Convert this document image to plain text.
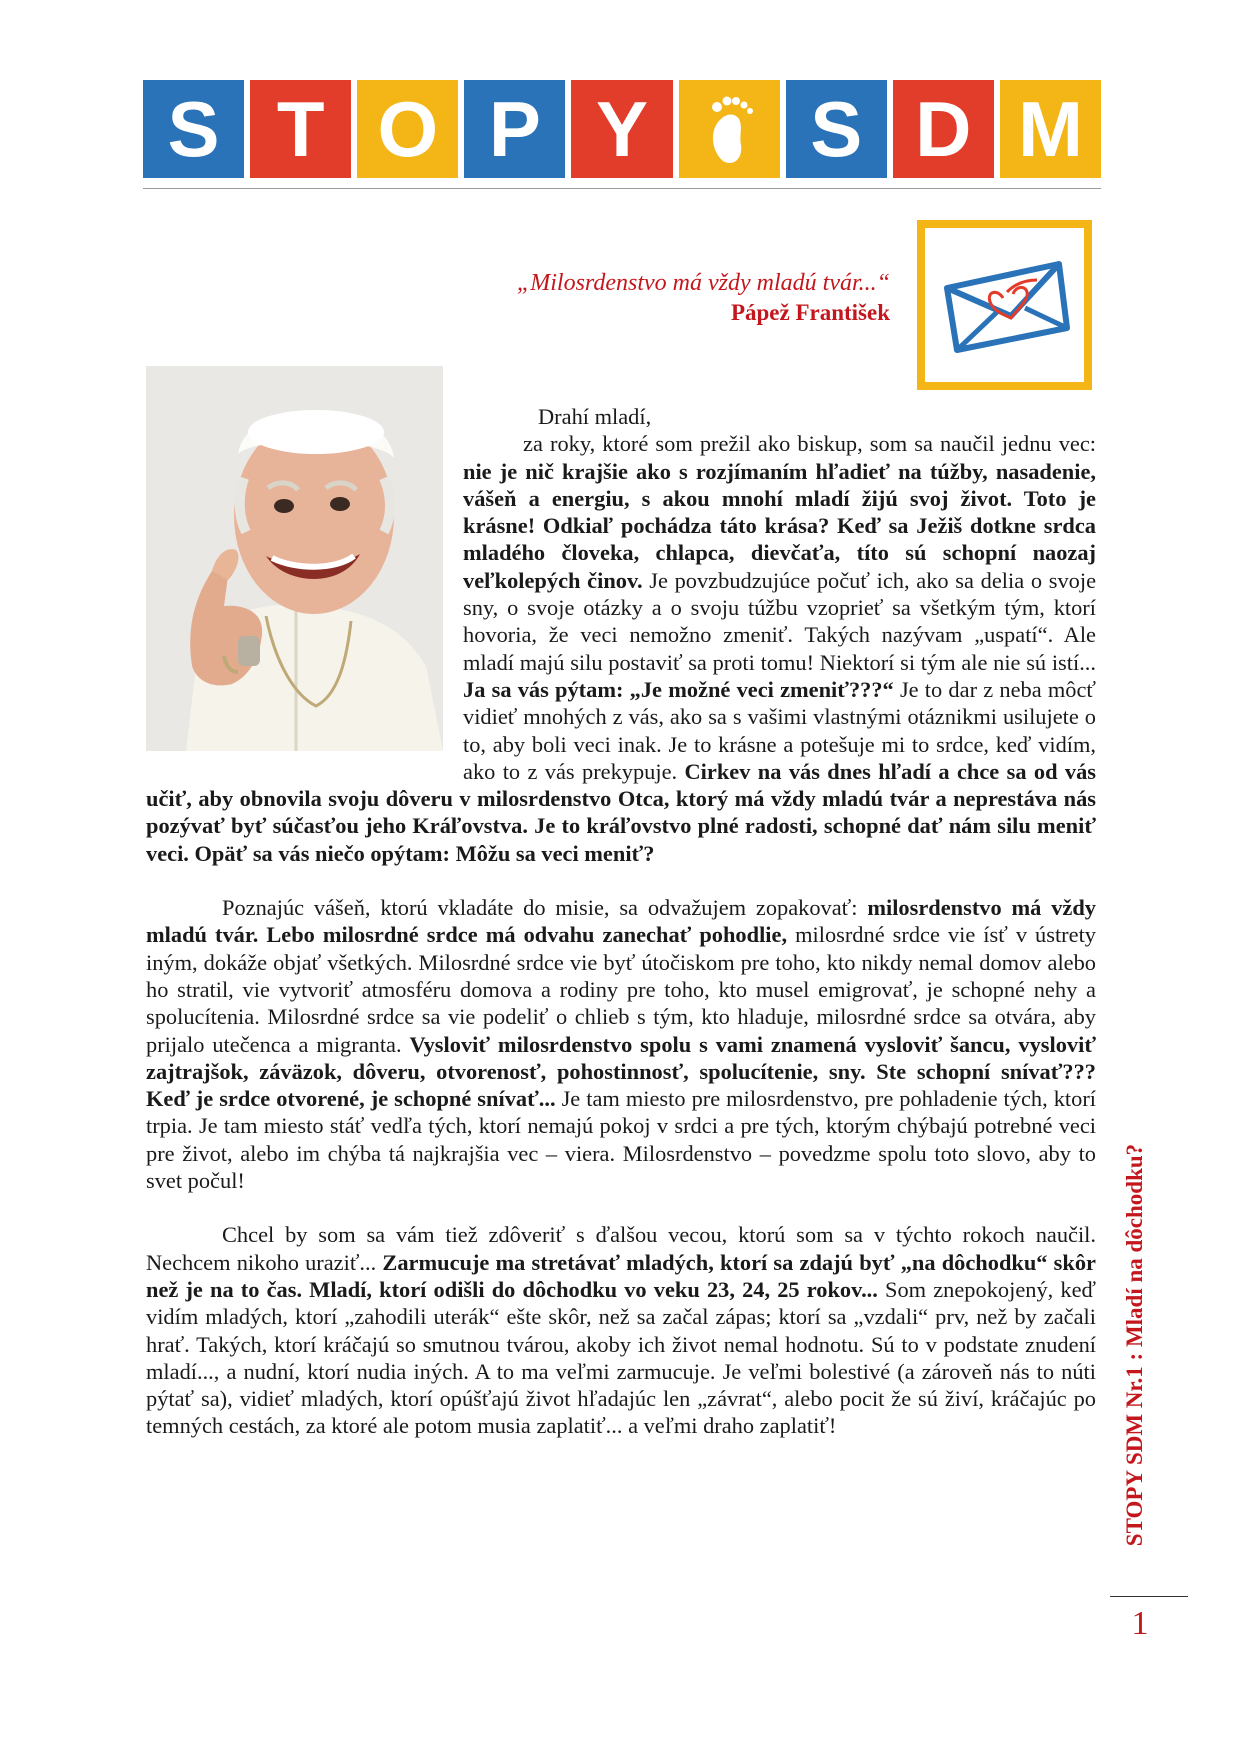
S T O P Y	S D M
„Milosrdenstvo má vždy mladú tvár...“
Pápež František

Drahí mladí,

za roky, ktoré som prežil ako biskup, som sa naučil jednu vec: nie je nič krajšie ako s rozjímaním hľadieť na túžby, nasadenie, vášeň a energiu, s akou mnohí mladí žijú svoj život. Toto je krásne! Odkiaľ pochádza táto krása? Keď sa Ježiš dotkne srdca mladého človeka, chlapca, dievčaťa, títo sú schopní naozaj veľkolepých činov. Je povzbudzujúce počuť ich, ako sa delia o svoje sny, o svoje otázky a o svoju túžbu vzoprieť sa všetkým tým, ktorí hovoria, že veci nemožno zmeniť. Takých nazývam „uspatí“. Ale mladí majú silu postaviť sa proti tomu! Niektorí si tým ale nie sú istí... Ja sa vás pýtam: „Je možné veci zmeniť???“ Je to dar z neba môcť vidieť mnohých z vás, ako sa s vašimi vlastnými otáznikmi usilujete o to, aby boli veci inak. Je to krásne a potešuje mi to srdce, keď vidím, ako to z vás prekypuje. Cirkev na vás dnes hľadí a chce sa od vás učiť, aby obnovila svoju dôveru v milosrdenstvo Otca, ktorý má vždy mladú tvár a neprestáva nás pozývať byť súčasťou jeho Kráľovstva. Je to kráľovstvo plné radosti, schopné dať nám silu meniť veci. Opäť sa vás niečo opýtam: Môžu sa veci meniť?

Poznajúc vášeň, ktorú vkladáte do misie, sa odvažujem zopakovať: milosrdenstvo má vždy mladú tvár. Lebo milosrdné srdce má odvahu zanechať pohodlie, milosrdné srdce vie ísť v ústrety iným, dokáže objať všetkých. Milosrdné srdce vie byť útočiskom pre toho, kto nikdy nemal domov alebo ho stratil, vie vytvoriť atmosféru domova a rodiny pre toho, kto musel emigrovať, je schopné nehy a spolucítenia. Milosrdné srdce sa vie podeliť o chlieb s tým, kto hladuje, milosrdné srdce sa otvára, aby prijalo utečenca a migranta. Vysloviť milosrdenstvo spolu s vami znamená vysloviť šancu, vysloviť zajtrajšok, záväzok, dôveru, otvorenosť, pohostinnosť, spolucítenie, sny. Ste schopní snívať??? Keď je srdce otvorené, je schopné snívať... Je tam miesto pre milosrdenstvo, pre pohladenie tých, ktorí trpia. Je tam miesto stáť vedľa tých, ktorí nemajú pokoj v srdci a pre tých, ktorým chýbajú potrebné veci pre život, alebo im chýba tá najkrajšia vec – viera. Milosrdenstvo – povedzme spolu toto slovo, aby to svet počul!

Chcel by som sa vám tiež zdôveriť s ďalšou vecou, ktorú som sa v týchto rokoch naučil. Nechcem nikoho uraziť... Zarmucuje ma stretávať mladých, ktorí sa zdajú byť „na dôchodku“ skôr než je na to čas. Mladí, ktorí odišli do dôchodku vo veku 23, 24, 25 rokov... Som znepokojený, keď vidím mladých, ktorí „zahodili uterák“ ešte skôr, než sa začal zápas; ktorí sa „vzdali“ prv, než by začali hrať. Takých, ktorí kráčajú so smutnou tvárou, akoby ich život nemal hodnotu. Sú to v podstate znudení mladí..., a nudní, ktorí nudia iných. A to ma veľmi zarmucuje. Je veľmi bolestivé (a zároveň nás to núti pýtať sa), vidieť mladých, ktorí opúšťajú život hľadajúc len „závrat“, alebo pocit že sú živí, kráčajúc po temných cestách, za ktoré ale potom musia zaplatiť... a veľmi draho zaplatiť!	STOPY SDM Nr.1 : Mladí na dôchodku?
1
